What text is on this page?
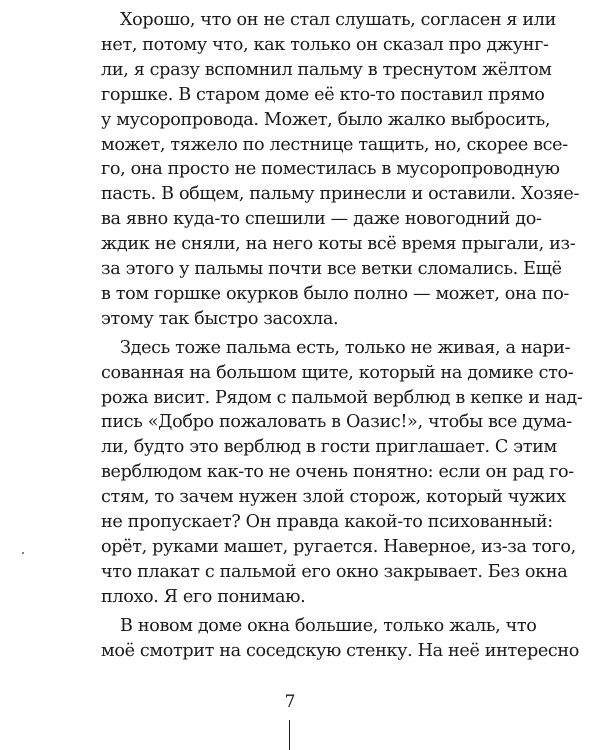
Хорошо, что он не стал слушать, согласен я или
нет, потому что, как только он сказал про джунг-
ли, я сразу вспомнил пальму в треснутом жёлтом
горшке. В старом доме её кто-то поставил прямо
у мусоропровода. Может, было жалко выбросить,
может, тяжело по лестнице тащить, но, скорее все-
го, она просто не поместилась в мусоропроводную
пасть. В общем, пальму принесли и оставили. Хозяе-
ва явно куда-то спешили — даже новогодний до-
ждик не сняли, на него коты всё время прыгали, из-
за этого у пальмы почти все ветки сломались. Ещё
в том горшке окурков было полно — может, она по-
этому так быстро засохла.
Здесь тоже пальма есть, только не живая, а нари-
сованная на большом щите, который на домике сто-
рожа висит. Рядом с пальмой верблюд в кепке и над-
пись «Добро пожаловать в Оазис!», чтобы все дума-
ли, будто это верблюд в гости приглашает. С этим
верблюдом как-то не очень понятно: если он рад го-
стям, то зачем нужен злой сторож, который чужих
не пропускает? Он правда какой-то психованный:
орёт, руками машет, ругается. Наверное, из-за того,
что плакат с пальмой его окно закрывает. Без окна
плохо. Я его понимаю.
В новом доме окна большие, только жаль, что
моё смотрит на соседскую стенку. На неё интересно
7
